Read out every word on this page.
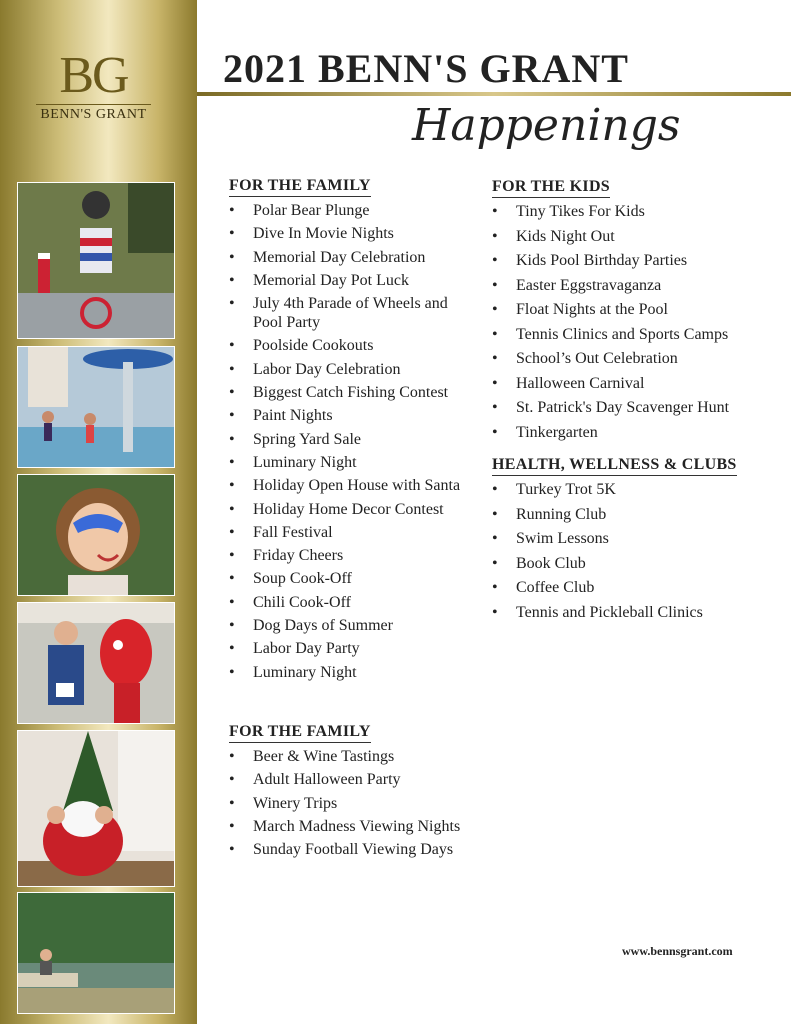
BG
BENN'S GRANT
2021 BENN'S GRANT
Happenings
FOR THE FAMILY
• Polar Bear Plunge
• Dive In Movie Nights
• Memorial Day Celebration
• Memorial Day Pot Luck
• July 4th Parade of Wheels and Pool Party
• Poolside Cookouts
• Labor Day Celebration
• Biggest Catch Fishing Contest
• Paint Nights
• Spring Yard Sale
• Luminary Night
• Holiday Open House with Santa
• Holiday Home Decor Contest
• Fall Festival
• Friday Cheers
• Soup Cook-Off
• Chili Cook-Off
• Dog Days of Summer
• Labor Day Party
• Luminary Night
FOR THE FAMILY
• Beer & Wine Tastings
• Adult Halloween Party
• Winery Trips
• March Madness Viewing Nights
• Sunday Football Viewing Days
FOR THE KIDS
• Tiny Tikes For Kids
• Kids Night Out
• Kids Pool Birthday Parties
• Easter Eggstravaganza
• Float Nights at the Pool
• Tennis Clinics and Sports Camps
• School’s Out Celebration
• Halloween Carnival
• St. Patrick's Day Scavenger Hunt
• Tinkergarten
HEALTH, WELLNESS & CLUBS
• Turkey Trot 5K
• Running Club
• Swim Lessons
• Book Club
• Coffee Club
• Tennis and Pickleball Clinics
www.bennsgrant.com
